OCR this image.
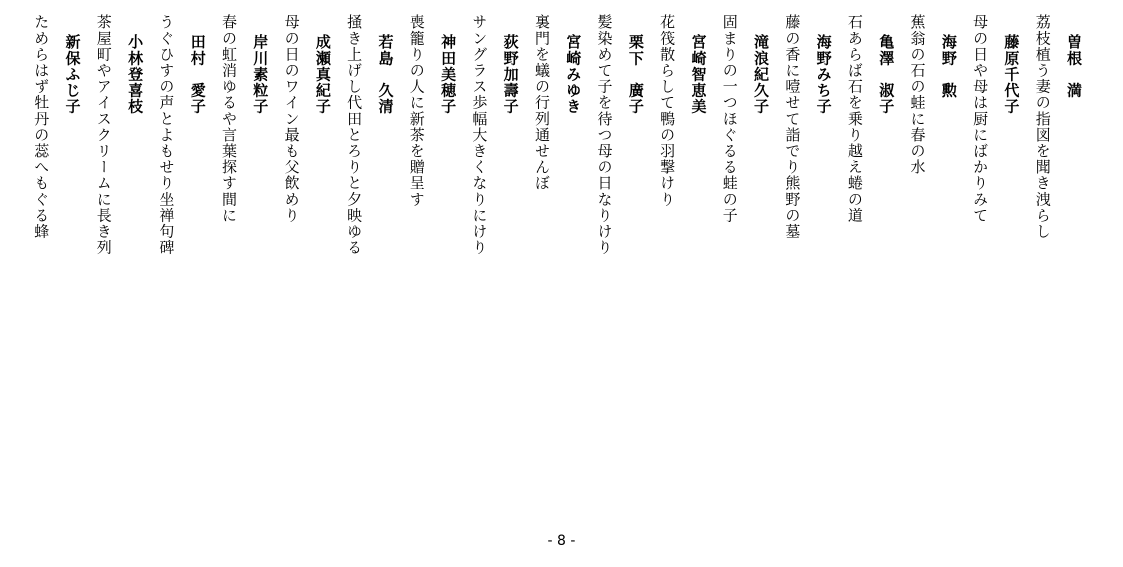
曽根　満
荔枝植う妻の指図を聞き洩らし
藤原千代子
母の日や母は厨にばかりみて
海野　勲
蕉翁の石の蛙に春の水
亀澤　淑子
石あらば石を乗り越え蜷の道
海野みち子
藤の香に噎せて詣でり熊野の墓
滝浪紀久子
固まりの一つほぐるる蛙の子
宮崎智恵美
花筏散らして鴨の羽撃けり
栗下　廣子
髪染めて子を待つ母の日なりけり
宮崎みゆき
裏門を蟻の行列通せんぼ
荻野加壽子
サングラス歩幅大きくなりにけり
神田美穂子
喪籠りの人に新茶を贈呈す
若島　久清
掻き上げし代田とろりと夕映ゆる
成瀬真紀子
母の日のワイン最も父飲めり
岸川素粒子
春の虹消ゆるや言葉探す間に
田村　愛子
うぐひすの声とよもせり坐禅句碑
小林登喜枝
茶屋町やアイスクリームに長き列
新保ふじ子
ためらはず牡丹の蕊へもぐる蜂
- 8 -
